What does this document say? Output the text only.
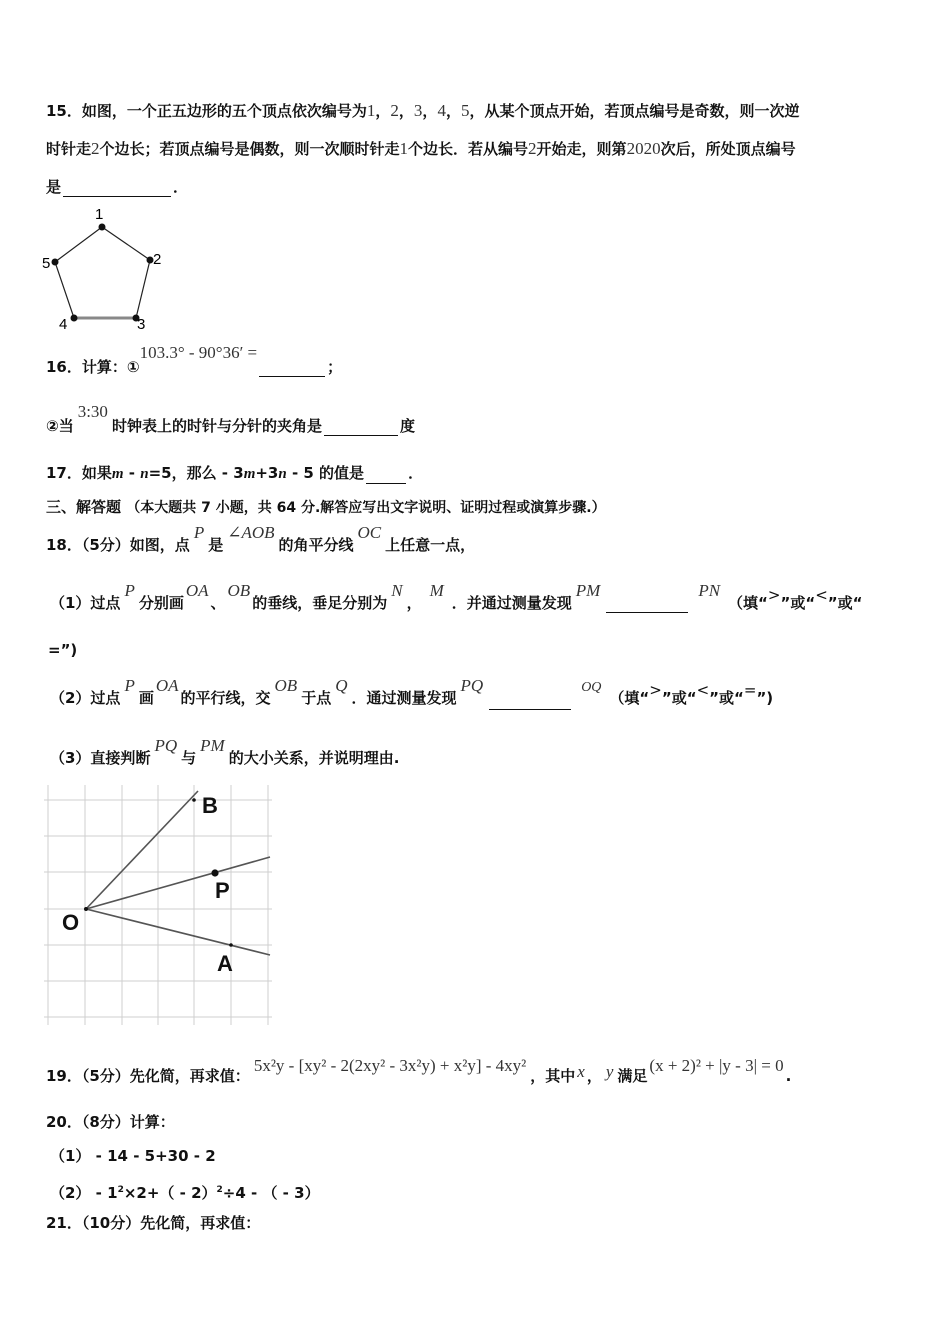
15．如图，一个正五边形的五个顶点依次编号为1，2，3，4，5，从某个顶点开始，若顶点编号是奇数，则一次逆
时针走2个边长；若顶点编号是偶数，则一次顺时针走1个边长．若从编号2开始走，则第2020次后，所处顶点编号
是	．
1
2
3
4
5
16．计算：①103.3° - 90°36′ =；
②当3:30时钟表上的时针与分针的夹角是	度
17．如果m - n=5，那么 - 3m+3n - 5 的值是	．
三、解答题 （本大题共 7 小题，共 64 分.解答应写出文字说明、证明过程或演算步骤.）
18．（5分）如图，点P是∠AOB的角平分线OC上任意一点，
（1）过点P分别画OA、OB的垂线，垂足分别为N，M．并通过测量发现PM	PN（填“>”或“<”或“
=”)
（2）过点P画OA的平行线，交OB于点Q．通过测量发现PQ	OQ（填“>”或“<”或“=”)
（3）直接判断PQ与PM的大小关系，并说明理由.
B
P
O
A
19．（5分）先化简，再求值：5x²y - [xy² - 2(2xy² - 3x²y) + x²y] - 4xy²，其中 x ， y 满足(x + 2)² + |y - 3| = 0.
20．（8分）计算：
（1） - 14 - 5+30 - 2
$(2) - 1^2\times 2+( - 2)^2\div 4$ - （ - 3）
21．（10分）先化简，再求值：
